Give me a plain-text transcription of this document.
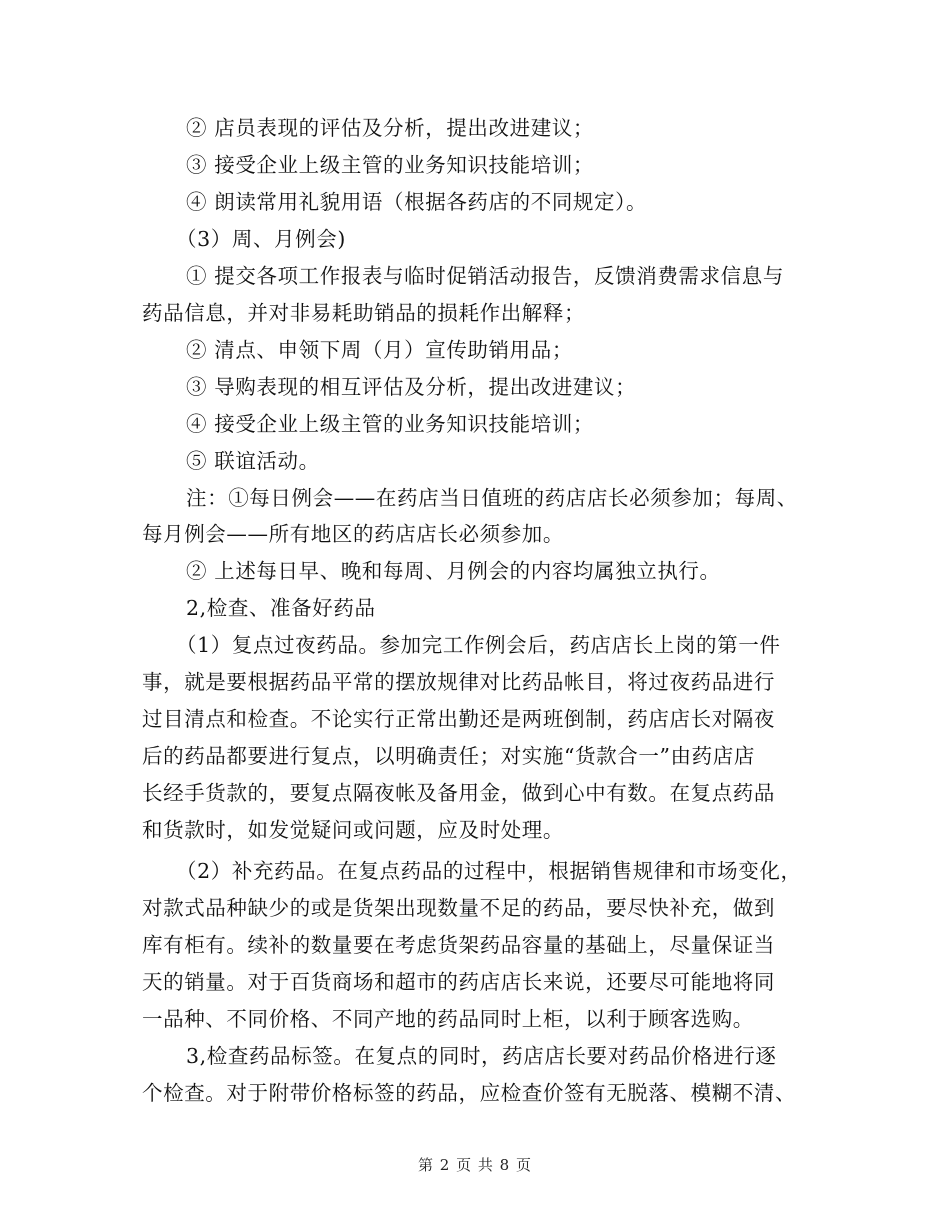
② 店员表现的评估及分析，提出改进建议；
③ 接受企业上级主管的业务知识技能培训；
④ 朗读常用礼貌用语（根据各药店的不同规定）。
（3）周、月例会)
① 提交各项工作报表与临时促销活动报告，反馈消费需求信息与
药品信息，并对非易耗助销品的损耗作出解释；
② 清点、申领下周（月）宣传助销用品；
③ 导购表现的相互评估及分析，提出改进建议；
④ 接受企业上级主管的业务知识技能培训；
⑤ 联谊活动。
注：①每日例会——在药店当日值班的药店店长必须参加；每周、
每月例会——所有地区的药店店长必须参加。
② 上述每日早、晚和每周、月例会的内容均属独立执行。
2,检查、准备好药品
（1）复点过夜药品。参加完工作例会后，药店店长上岗的第一件
事，就是要根据药品平常的摆放规律对比药品帐目，将过夜药品进行
过目清点和检查。不论实行正常出勤还是两班倒制，药店店长对隔夜
后的药品都要进行复点，以明确责任；对实施“货款合一”由药店店
长经手货款的，要复点隔夜帐及备用金，做到心中有数。在复点药品
和货款时，如发觉疑问或问题，应及时处理。
（2）补充药品。在复点药品的过程中，根据销售规律和市场变化，
对款式品种缺少的或是货架出现数量不足的药品，要尽快补充，做到
库有柜有。续补的数量要在考虑货架药品容量的基础上，尽量保证当
天的销量。对于百货商场和超市的药店店长来说，还要尽可能地将同
一品种、不同价格、不同产地的药品同时上柜，以利于顾客选购。
3,检查药品标签。在复点的同时，药店店长要对药品价格进行逐
个检查。对于附带价格标签的药品，应检查价签有无脱落、模糊不清、
第 2 页 共 8 页
